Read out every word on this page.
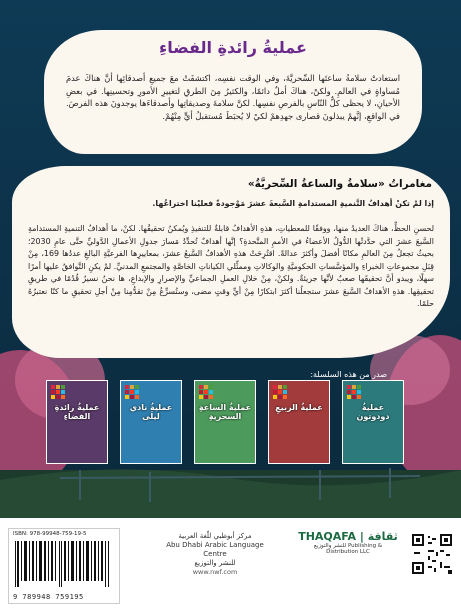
عمليةُ رائدةِ الفضاءِ

استعادتْ سلامةُ ساعتَها السِّحريَّةَ، وفي الوقت نفسِه، اكتشفَتْ معَ جميعِ أصدقائِها أنَّ هناكَ عدمَ مُساواةٍ في العالمِ. ولكنْ، هناكَ أملٌ دائمًا، والكثيرُ مِنَ الطرقِ لتغييرِ الأمورِ وتحسينِها. في بعضِ الأحيانِ، لا يحظى كلُّ النّاسِ بالفرصِ نفسِها. لكنَّ سلامةَ وصديقاتِها وأصدقاءَها يوجدونَ هذه الفرصَ. في الواقعِ، إنَّهمْ يبذلونَ قصارى جهدِهمْ لكيْ لا يُحبَطَ مُستقبلُ أيٍّ مِنْهُمْ.

مغامراتُ «سلامةُ والساعةُ السِّحريَّةُ»

إذا لمْ تكنْ أهدافُ التَّنميةِ المستدامةِ السَّبعةَ عشرَ مَوْجودةً فعليْنا اختراعُها.

لحسنِ الحظِّ، هناكَ العديدُ منها، ووفقًا للمعطياتِ، هذهِ الأهدافُ قابلةٌ للتنفيذِ ويُمكنُ تحقيقُها. لكنْ، ما أهدافُ التنميةِ المستدامةِ السَّبعَ عشرَ التي حدَّدتْها الدُّولُ الأعضاءُ في الأممِ المتَّحدةِ؟ إنَّها أهدافٌ تُحدِّدُ مَسارَ جدولِ الأعمالِ الدَّوليِّ حتَّى عامِ 2030؛ بحيثُ تجعلُ مِنَ العالمِ مكانًا أفضلَ وأكثرَ عدالةً. اقتُرِحَتْ هذهِ الأهدافُ السَّبعُ عشرَ، بمعاييرِها الفرعيَّةِ البالغِ عددُها 169، مِنْ قِبَلِ مجموعاتِ الخبراءِ والمؤسَّساتِ الحكوميَّةِ والوكالاتِ وممثِّلي الكياناتِ الخاصَّةِ والمجتمعِ المدنيِّ. لمْ يكنِ التَّوافقُ عليها أمرًا سهلًا، ويبدو أنَّ تحقيقَها صعبٌ لأنَّها جريئةٌ. ولكنْ، مِنْ خلالِ العملِ الجماعيِّ والإصرارِ والإبداعِ، ها نحنُ نسيرُ قُدُمًا في طريقِ تحقيقِها. هذهِ الأهدافُ السَّبعَ عشرَ ستجعلُنا أكثرَ ابتكارًا مِنْ أيِّ وقتٍ مضى، وستُسرِّعُ مِنْ تقدُّمِنا مِنْ أجلِ تحقيقِ ما كنّا نعتبرُهُ حلمًا.

صدر من هذه السلسلة:
عمليةُ رائدةِ الفضاءِ
عمليةُ نادي ليلَى
عمليةُ الساعةِ السحريةِ
عمليةُ الربيعِ	عمليةُ دودوتون
ISBN: 978-99948-759-19-5
9 789948 759195
مركز أبوظبي للّغة العربية
Abu Dhabi Arabic Language Centre
للنشر والتوزيع
www.nwf.com
THAQAFA | ثقافة
للنشر والتوزيع Publishing & Distribution LLC
